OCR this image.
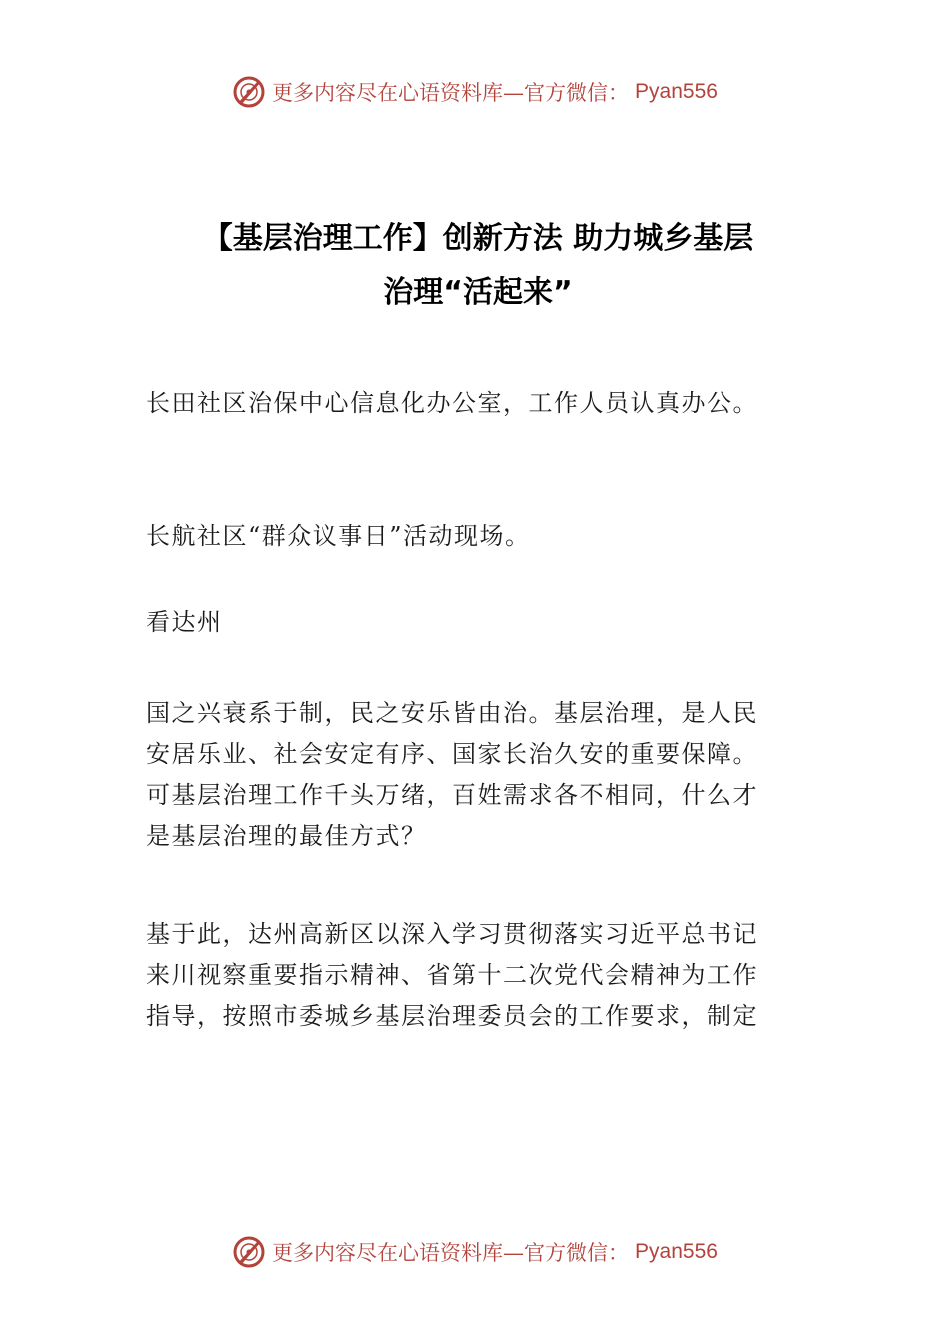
更多内容尽在心语资料库—官方微信： Pyan556
【基层治理工作】创新方法 助力城乡基层
治理“活起来”
长田社区治保中心信息化办公室，工作人员认真办公。
长航社区“群众议事日”活动现场。
看达州
国之兴衰系于制，民之安乐皆由治。基层治理，是人民
安居乐业、社会安定有序、国家长治久安的重要保障。
可基层治理工作千头万绪，百姓需求各不相同，什么才
是基层治理的最佳方式？
基于此，达州高新区以深入学习贯彻落实习近平总书记
来川视察重要指示精神、省第十二次党代会精神为工作
指导，按照市委城乡基层治理委员会的工作要求，制定
更多内容尽在心语资料库—官方微信： Pyan556
